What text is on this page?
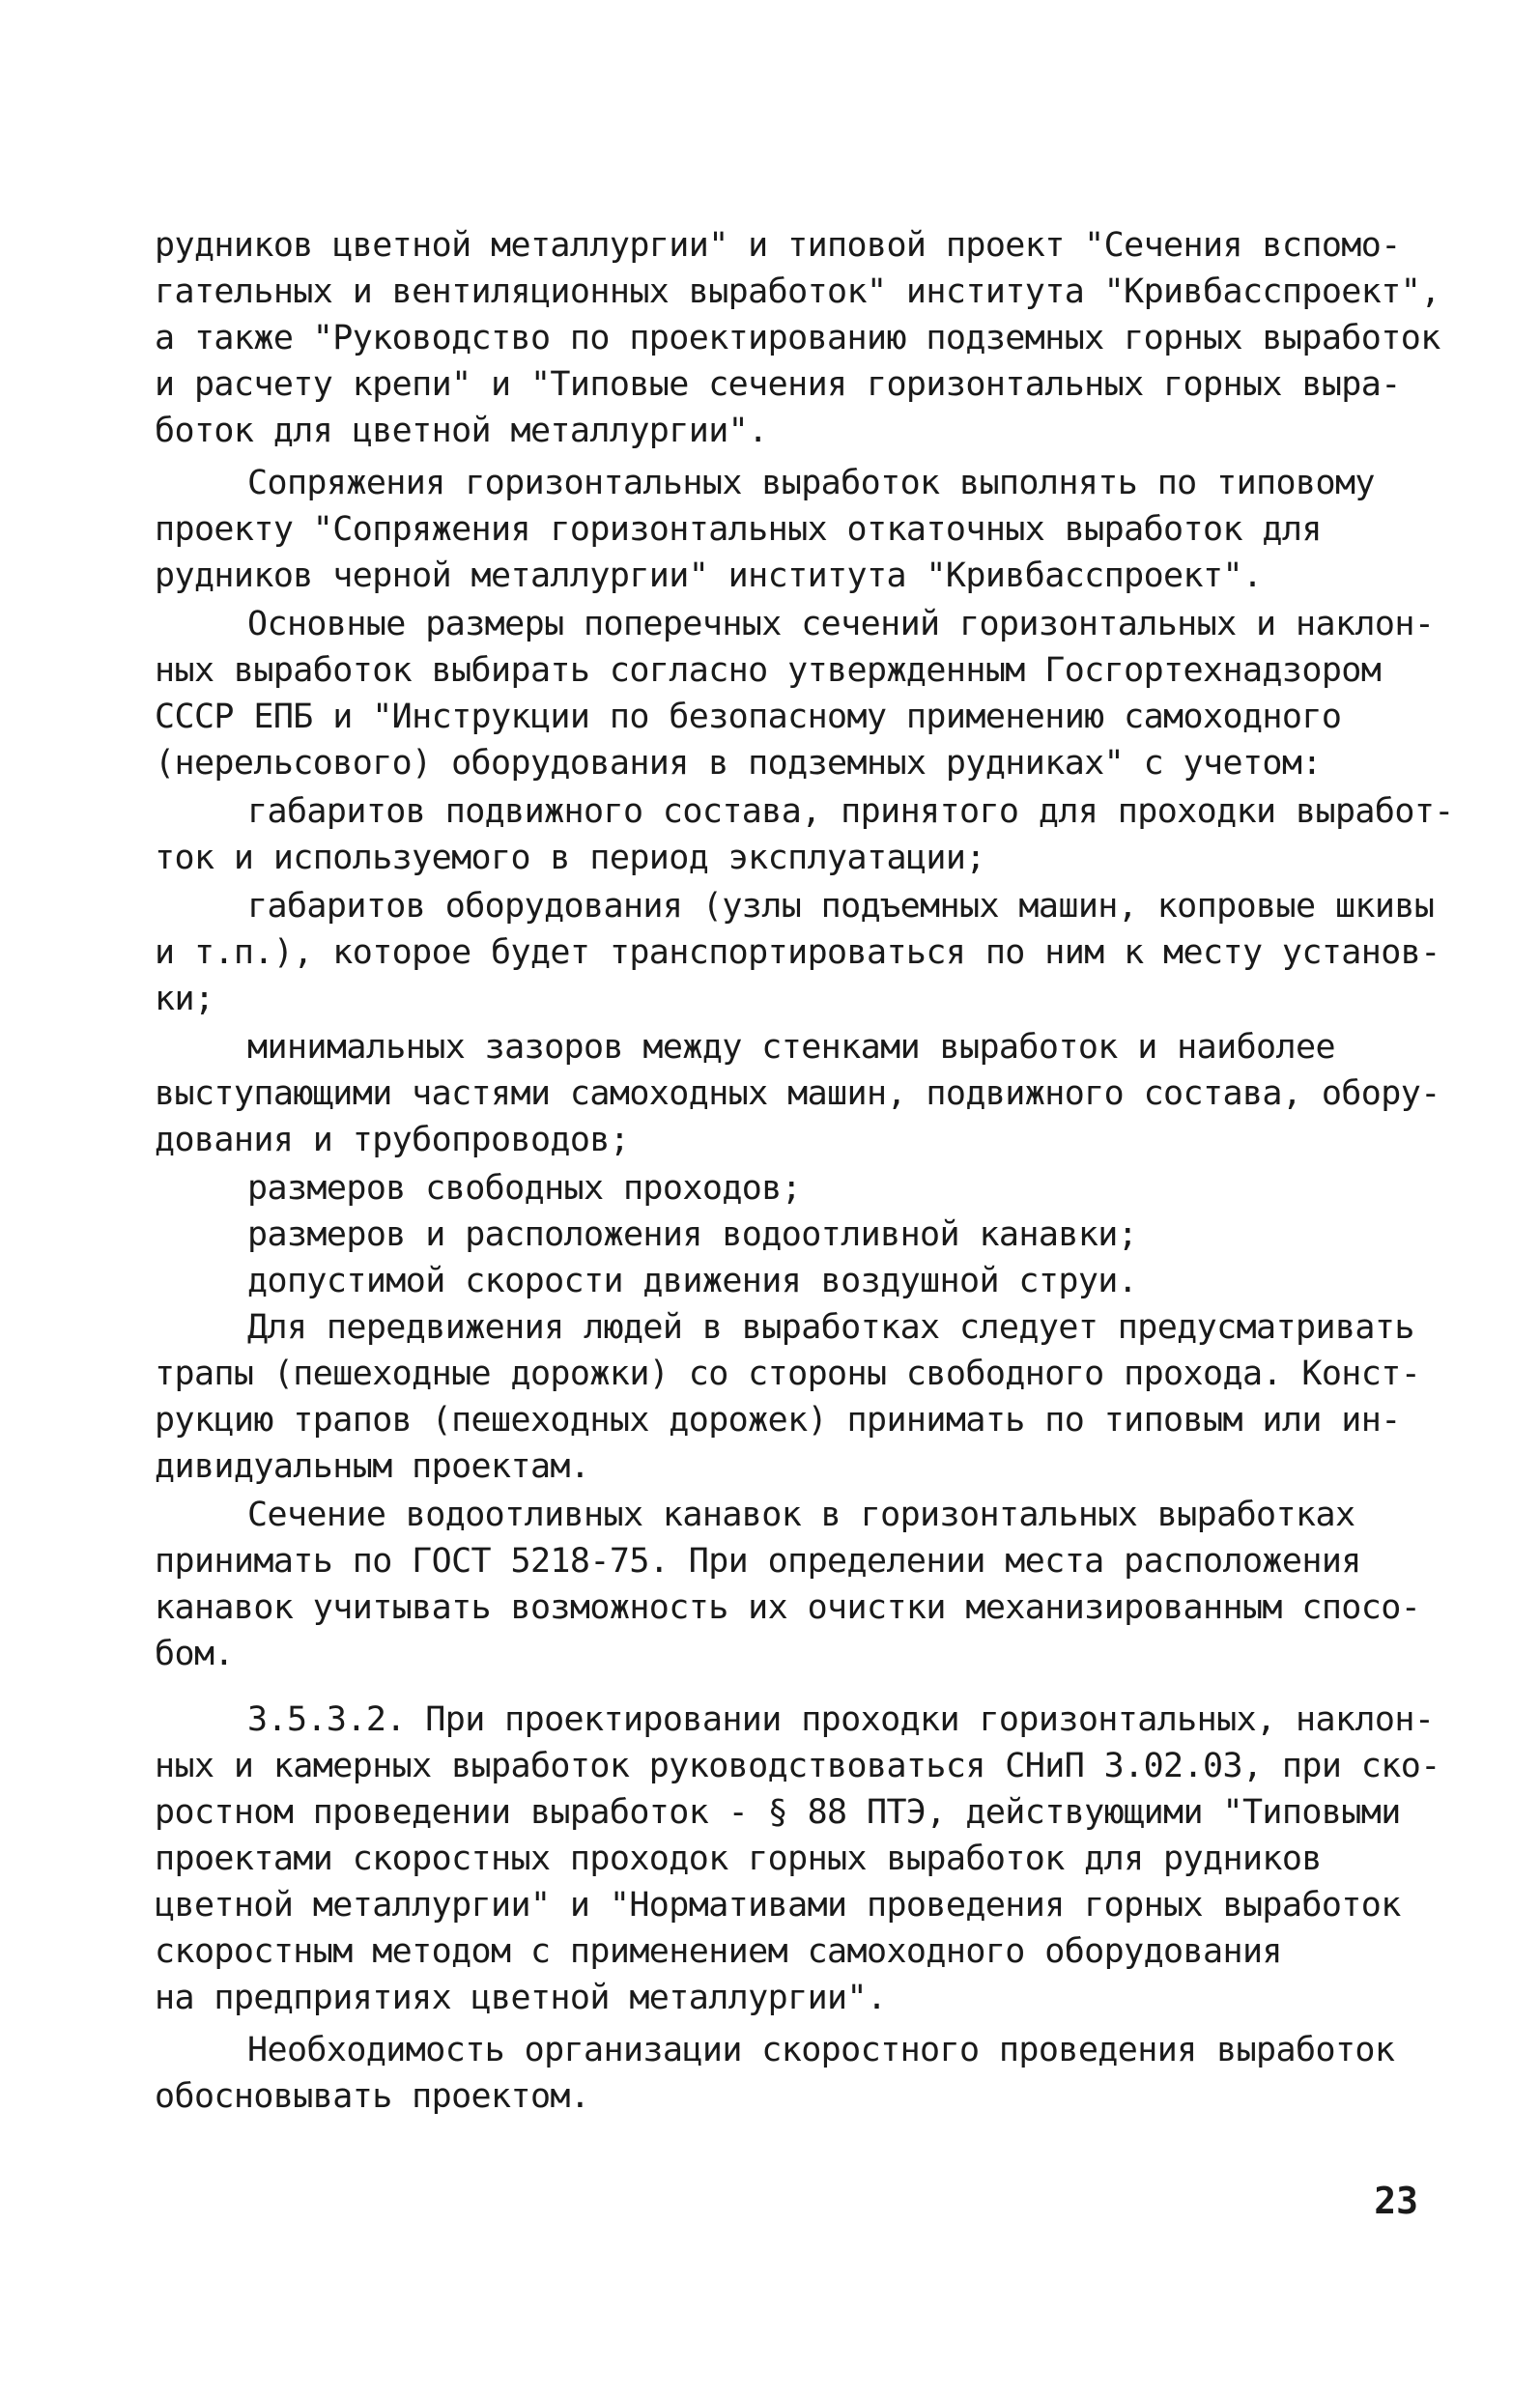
рудников цветной металлургии" и типовой проект "Сечения вспомо-
гательных и вентиляционных выработок" института "Кривбасспроект",
а также "Руководство по проектированию подземных горных выработок
и расчету крепи" и "Типовые сечения горизонтальных горных выра-
боток для цветной металлургии".
Сопряжения горизонтальных выработок выполнять по типовому
проекту "Сопряжения горизонтальных откаточных выработок для
рудников черной металлургии" института "Кривбасспроект".
Основные размеры поперечных сечений горизонтальных и наклон-
ных выработок выбирать согласно утвержденным Госгортехнадзором
СССР ЕПБ и "Инструкции по безопасному применению самоходного
(нерельсового) оборудования в подземных рудниках" с учетом:
габаритов подвижного состава, принятого для проходки выработ-
ток и используемого в период эксплуатации;
габаритов оборудования (узлы подъемных машин, копровые шкивы
и т.п.), которое будет транспортироваться по ним к месту установ-
ки;
минимальных зазоров между стенками выработок и наиболее
выступающими частями самоходных машин, подвижного состава, обору-
дования и трубопроводов;
размеров свободных проходов;
размеров и расположения водоотливной канавки;
допустимой скорости движения воздушной струи.
Для передвижения людей в выработках следует предусматривать
трапы (пешеходные дорожки) со стороны свободного прохода. Конст-
рукцию трапов (пешеходных дорожек) принимать по типовым или ин-
дивидуальным проектам.
Сечение водоотливных канавок в горизонтальных выработках
принимать по ГОСТ 5218-75. При определении места расположения
канавок учитывать возможность их очистки механизированным спосо-
бом.
3.5.3.2. При проектировании проходки горизонтальных, наклон-
ных и камерных выработок руководствоваться СНиП 3.02.03, при ско-
ростном проведении выработок - § 88 ПТЭ, действующими "Типовыми
проектами скоростных проходок горных выработок для рудников
цветной металлургии" и "Нормативами проведения горных выработок
скоростным методом с применением самоходного оборудования
на предприятиях цветной металлургии".
Необходимость организации скоростного проведения выработок
обосновывать проектом.
23
